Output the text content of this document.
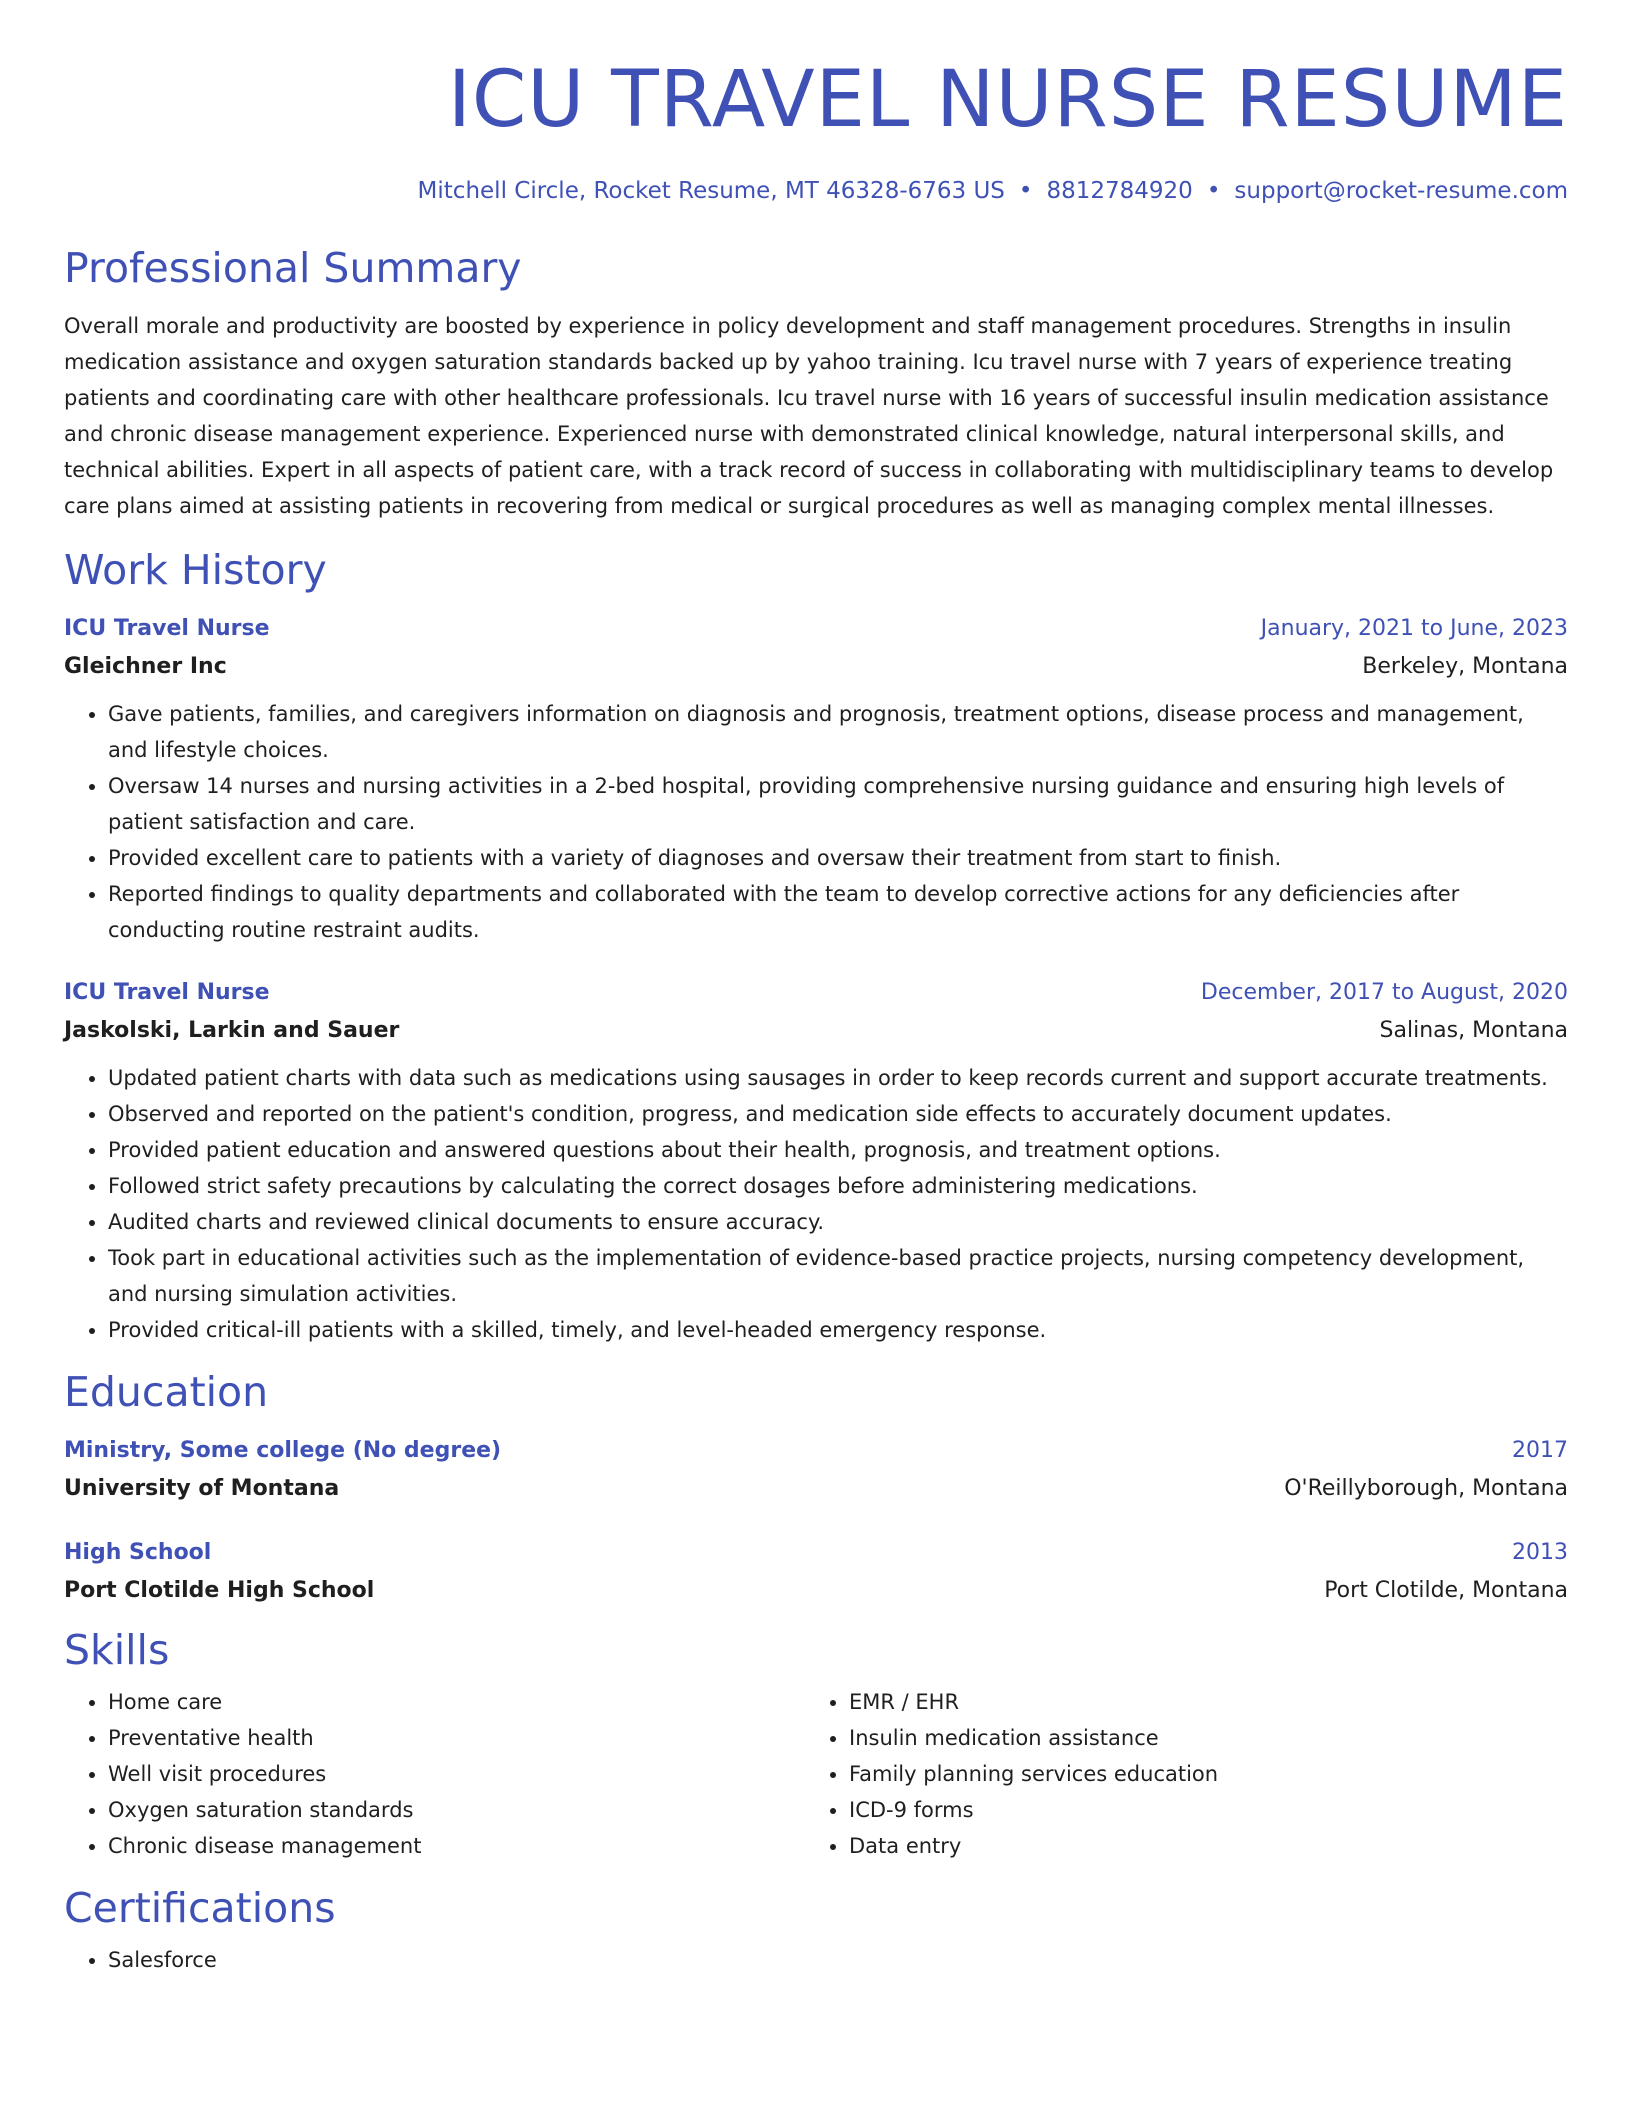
ICU TRAVEL NURSE RESUME
Mitchell Circle, Rocket Resume, MT 46328-6763 US • 8812784920 • support@rocket-resume.com
Professional Summary

Overall morale and productivity are boosted by experience in policy development and staff management procedures. Strengths in insulin medication assistance and oxygen saturation standards backed up by yahoo training. Icu travel nurse with 7 years of experience treating patients and coordinating care with other healthcare professionals. Icu travel nurse with 16 years of successful insulin medication assistance and chronic disease management experience. Experienced nurse with demonstrated clinical knowledge, natural interpersonal skills, and technical abilities. Expert in all aspects of patient care, with a track record of success in collaborating with multidisciplinary teams to develop care plans aimed at assisting patients in recovering from medical or surgical procedures as well as managing complex mental illnesses.

Work History
ICU Travel Nurse	January, 2021 to June, 2023
Gleichner Inc	Berkeley, Montana
• Gave patients, families, and caregivers information on diagnosis and prognosis, treatment options, disease process and management, and lifestyle choices.
• Oversaw 14 nurses and nursing activities in a 2-bed hospital, providing comprehensive nursing guidance and ensuring high levels of patient satisfaction and care.
• Provided excellent care to patients with a variety of diagnoses and oversaw their treatment from start to finish.
• Reported findings to quality departments and collaborated with the team to develop corrective actions for any deficiencies after conducting routine restraint audits.
ICU Travel Nurse	December, 2017 to August, 2020
Jaskolski, Larkin and Sauer	Salinas, Montana
• Updated patient charts with data such as medications using sausages in order to keep records current and support accurate treatments.
• Observed and reported on the patient's condition, progress, and medication side effects to accurately document updates.
• Provided patient education and answered questions about their health, prognosis, and treatment options.
• Followed strict safety precautions by calculating the correct dosages before administering medications.
• Audited charts and reviewed clinical documents to ensure accuracy.
• Took part in educational activities such as the implementation of evidence-based practice projects, nursing competency development, and nursing simulation activities.
• Provided critical-ill patients with a skilled, timely, and level-headed emergency response.
Education
Ministry, Some college (No degree)	2017
University of Montana	O'Reillyborough, Montana
High School	2013
Port Clotilde High School	Port Clotilde, Montana
Skills
• Home care
• Preventative health
• Well visit procedures
• Oxygen saturation standards
• Chronic disease management
• EMR / EHR
• Insulin medication assistance
• Family planning services education
• ICD-9 forms
• Data entry
Certifications
• Salesforce
